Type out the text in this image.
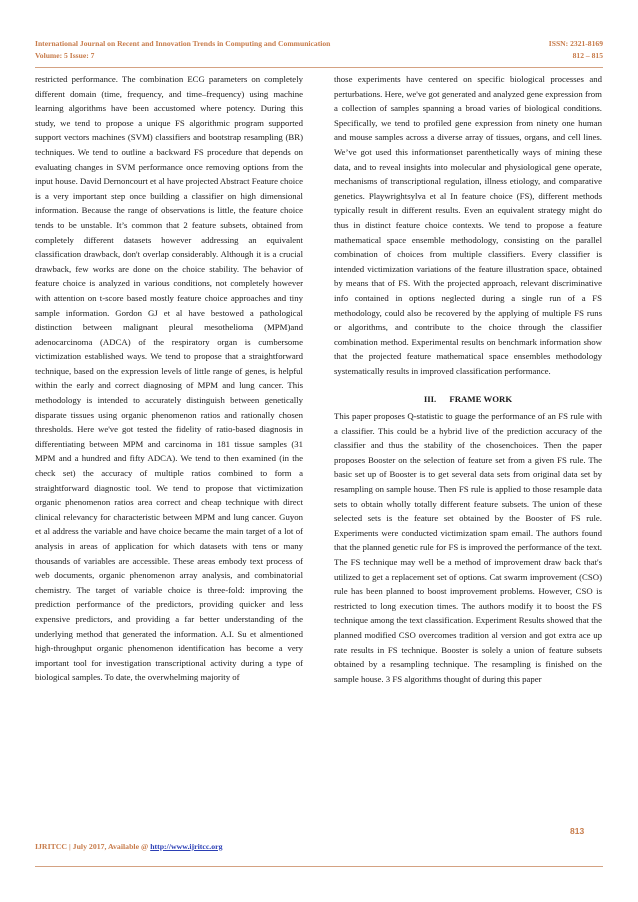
International Journal on Recent and Innovation Trends in Computing and Communication
Volume: 5 Issue: 7
ISSN: 2321-8169
812 – 815

restricted performance. The combination ECG parameters on completely different domain (time, frequency, and time–frequency) using machine learning algorithms have been accustomed where potency. During this study, we tend to propose a unique FS algorithmic program supported support vectors machines (SVM) classifiers and bootstrap resampling (BR) techniques. We tend to outline a backward FS procedure that depends on evaluating changes in SVM performance once removing options from the input house. David Dernoncourt et al have projected Abstract Feature choice is a very important step once building a classifier on high dimensional information. Because the range of observations is little, the feature choice tends to be unstable. It’s common that 2 feature subsets, obtained from completely different datasets however addressing an equivalent classification drawback, don't overlap considerably. Although it is a crucial drawback, few works are done on the choice stability. The behavior of feature choice is analyzed in various conditions, not completely however with attention on t-score based mostly feature choice approaches and tiny sample information. Gordon GJ et al have bestowed a pathological distinction between malignant pleural mesothelioma (MPM)and adenocarcinoma (ADCA) of the respiratory organ is cumbersome victimization established ways. We tend to propose that a straightforward technique, based on the expression levels of little range of genes, is helpful within the early and correct diagnosing of MPM and lung cancer. This methodology is intended to accurately distinguish between genetically disparate tissues using organic phenomenon ratios and rationally chosen thresholds. Here we've got tested the fidelity of ratio-based diagnosis in differentiating between MPM and carcinoma in 181 tissue samples (31 MPM and a hundred and fifty ADCA). We tend to then examined (in the check set) the accuracy of multiple ratios combined to form a straightforward diagnostic tool. We tend to propose that victimization organic phenomenon ratios area correct and cheap technique with direct clinical relevancy for characteristic between MPM and lung cancer. Guyon et al address the variable and have choice became the main target of a lot of analysis in areas of application for which datasets with tens or many thousands of variables are accessible. These areas embody text process of web documents, organic phenomenon array analysis, and combinatorial chemistry. The target of variable choice is three-fold: improving the prediction performance of the predictors, providing quicker and less expensive predictors, and providing a far better understanding of the underlying method that generated the information. A.I. Su et almentioned high-throughput organic phenomenon identification has become a very important tool for investigation transcriptional activity during a type of biological samples. To date, the overwhelming majority of

those experiments have centered on specific biological processes and perturbations. Here, we've got generated and analyzed gene expression from a collection of samples spanning a broad varies of biological conditions. Specifically, we tend to profiled gene expression from ninety one human and mouse samples across a diverse array of tissues, organs, and cell lines. We’ve got used this informationset parenthetically ways of mining these data, and to reveal insights into molecular and physiological gene operate, mechanisms of transcriptional regulation, illness etiology, and comparative genetics. Playwrightsylva et al In feature choice (FS), different methods typically result in different results. Even an equivalent strategy might do thus in distinct feature choice contexts. We tend to propose a feature mathematical space ensemble methodology, consisting on the parallel combination of choices from multiple classifiers. Every classifier is intended victimization variations of the feature illustration space, obtained by means that of FS. With the projected approach, relevant discriminative info contained in options neglected during a single run of a FS methodology, could also be recovered by the applying of multiple FS runs or algorithms, and contribute to the choice through the classifier combination method. Experimental results on benchmark information show that the projected feature mathematical space ensembles methodology systematically results in improved classification performance.

III.      FRAME WORK

This paper proposes Q-statistic to guage the performance of an FS rule with a classifier. This could be a hybrid live of the prediction accuracy of the classifier and thus the stability of the chosenchoices. Then the paper proposes Booster on the selection of feature set from a given FS rule. The basic set up of Booster is to get several data sets from original data set by resampling on sample house. Then FS rule is applied to those resample data sets to obtain wholly totally different feature subsets. The union of these selected sets is the feature set obtained by the Booster of FS rule. Experiments were conducted victimization spam email. The authors found that the planned genetic rule for FS is improved the performance of the text. The FS technique may well be a method of improvement draw back that's utilized to get a replacement set of options. Cat swarm improvement (CSO) rule has been planned to boost improvement problems. However, CSO is restricted to long execution times. The authors modify it to boost the FS technique among the text classification. Experiment Results showed that the planned modified CSO overcomes tradition al version and got extra ace up rate results in FS technique. Booster is solely a union of feature subsets obtained by a resampling technique. The resampling is finished on the sample house. 3 FS algorithms thought of during this paper

813
IJRITCC | July 2017, Available @ http://www.ijritcc.org
